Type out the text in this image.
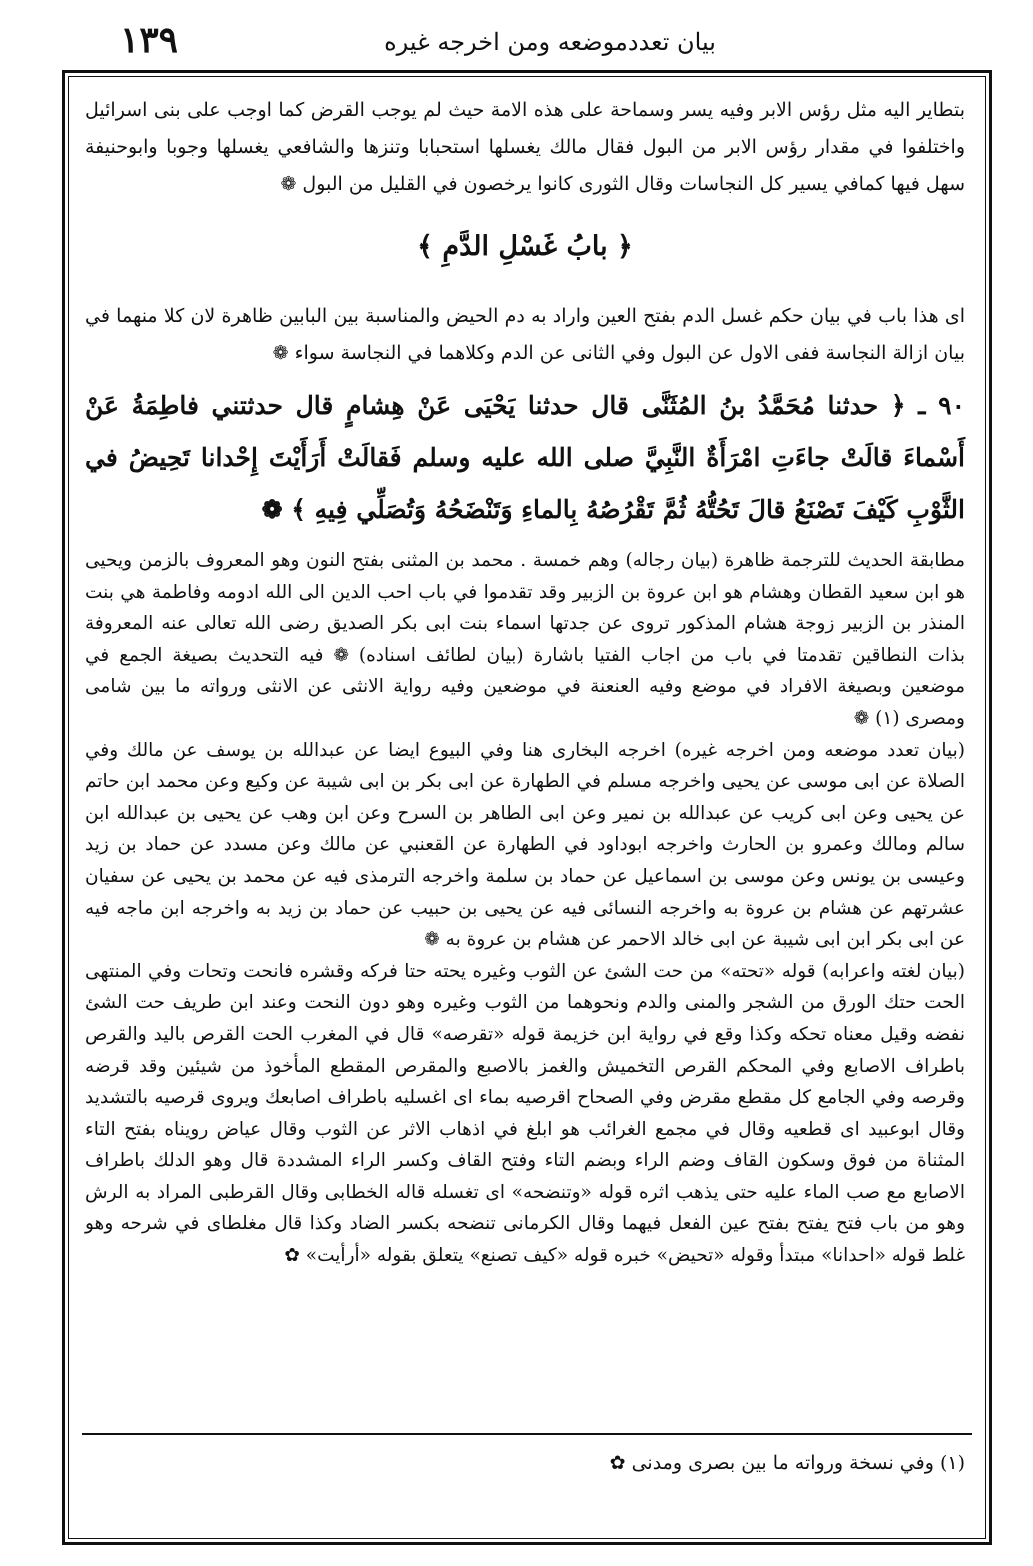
١٣٩	بيان تعددموضعه ومن اخرجه غيره
بتطاير اليه مثل رؤس الابر وفيه يسر وسماحة على هذه الامة حيث لم يوجب القرض كما اوجب على بنى اسرائيل واختلفوا في مقدار رؤس الابر من البول فقال مالك يغسلها استحبابا وتنزها والشافعي يغسلها وجوبا وابوحنيفة سهل فيها كمافي يسير كل النجاسات وقال الثورى كانوا يرخصون في القليل من البول ❁
﴿ بابُ غَسْلِ الدَّمِ ﴾
اى هذا باب في بيان حكم غسل الدم بفتح العين واراد به دم الحيض والمناسبة بين البابين ظاهرة لان كلا منهما في بيان ازالة النجاسة ففى الاول عن البول وفي الثانى عن الدم وكلاهما في النجاسة سواء ❁
٩٠ ـ ﴿ حدثنا مُحَمَّدُ بنُ المُثَنَّى قال حدثنا يَحْيَى عَنْ هِشامٍ قال حدثتني فاطِمَةُ عَنْ أَسْماءَ قالَتْ جاءَتِ امْرَأَةٌ النَّبِيَّ صلى الله عليه وسلم فَقالَتْ أَرَأَيْتَ إِحْدانا تَحِيضُ في الثَّوْبِ كَيْفَ تَصْنَعُ قالَ تَحُتُّهُ ثُمَّ تَقْرُصُهُ بِالماءِ وَتَنْضَحُهُ وَتُصَلِّي فِيهِ ﴾ ❁

مطابقة الحديث للترجمة ظاهرة (بيان رجاله) وهم خمسة . محمد بن المثنى بفتح النون وهو المعروف بالزمن ويحيى هو ابن سعيد القطان وهشام هو ابن عروة بن الزبير وقد تقدموا في باب احب الدين الى الله ادومه وفاطمة هي بنت المنذر بن الزبير زوجة هشام المذكور تروى عن جدتها اسماء بنت ابى بكر الصديق رضى الله تعالى عنه المعروفة بذات النطاقين تقدمتا في باب من اجاب الفتيا باشارة (بيان لطائف اسناده) ❁ فيه التحديث بصيغة الجمع في موضعين وبصيغة الافراد في موضع وفيه العنعنة في موضعين وفيه رواية الانثى عن الانثى ورواته ما بين شامى ومصرى (١) ❁

(بيان تعدد موضعه ومن اخرجه غيره) اخرجه البخارى هنا وفي البيوع ايضا عن عبدالله بن يوسف عن مالك وفي الصلاة عن ابى موسى عن يحيى واخرجه مسلم في الطهارة عن ابى بكر بن ابى شيبة عن وكيع وعن محمد ابن حاتم عن يحيى وعن ابى كريب عن عبدالله بن نمير وعن ابى الطاهر بن السرح وعن ابن وهب عن يحيى بن عبدالله ابن سالم ومالك وعمرو بن الحارث واخرجه ابوداود في الطهارة عن القعنبي عن مالك وعن مسدد عن حماد بن زيد وعيسى بن يونس وعن موسى بن اسماعيل عن حماد بن سلمة واخرجه الترمذى فيه عن محمد بن يحيى عن سفيان عشرتهم عن هشام بن عروة به واخرجه النسائى فيه عن يحيى بن حبيب عن حماد بن زيد به واخرجه ابن ماجه فيه عن ابى بكر ابن ابى شيبة عن ابى خالد الاحمر عن هشام بن عروة به ❁

(بيان لغته واعرابه) قوله «تحته» من حت الشئ عن الثوب وغيره يحته حتا فركه وقشره فانحت وتحات وفي المنتهى الحت حتك الورق من الشجر والمنى والدم ونحوهما من الثوب وغيره وهو دون النحت وعند ابن طريف حت الشئ نفضه وقيل معناه تحكه وكذا وقع في رواية ابن خزيمة قوله «تقرصه» قال في المغرب الحت القرص باليد والقرص باطراف الاصابع وفي المحكم القرص التخميش والغمز بالاصبع والمقرص المقطع المأخوذ من شيئين وقد قرضه وقرصه وفي الجامع كل مقطع مقرض وفي الصحاح اقرصيه بماء اى اغسليه باطراف اصابعك ويروى قرصيه بالتشديد وقال ابوعبيد اى قطعيه وقال في مجمع الغرائب هو ابلغ في اذهاب الاثر عن الثوب وقال عياض رويناه بفتح التاء المثناة من فوق وسكون القاف وضم الراء وبضم التاء وفتح القاف وكسر الراء المشددة قال وهو الدلك باطراف الاصابع مع صب الماء عليه حتى يذهب اثره قوله «وتنضحه» اى تغسله قاله الخطابى وقال القرطبى المراد به الرش وهو من باب فتح يفتح بفتح عين الفعل فيهما وقال الكرمانى تنضحه بكسر الضاد وكذا قال مغلطاى في شرحه وهو غلط قوله «احدانا» مبتدأ وقوله «تحيض» خبره قوله «كيف تصنع» يتعلق بقوله «أرأيت» ✿

(١) وفي نسخة ورواته ما بين بصرى ومدنى ✿
